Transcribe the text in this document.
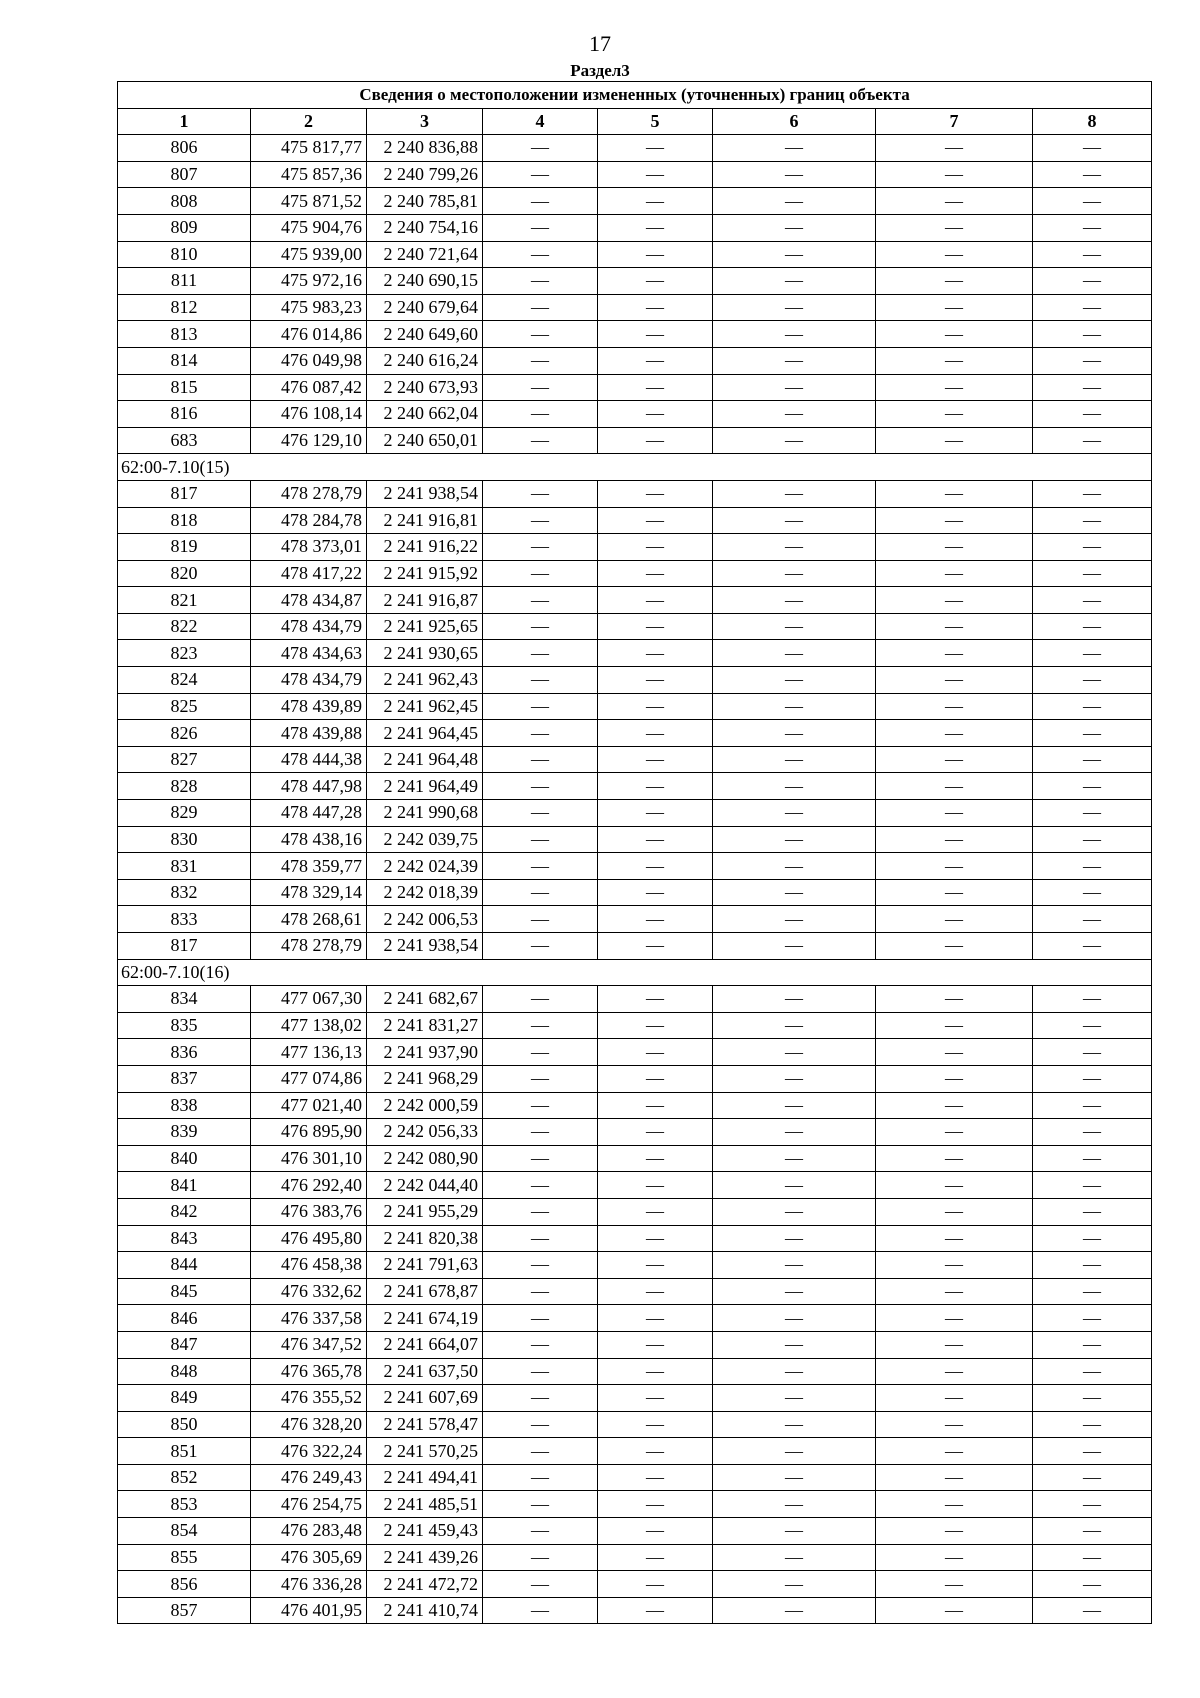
17
Раздел3
Сведения о местоположении измененных (уточненных) границ объекта							
1	2	3	4	5	6	7	8
806	475 817,77	2 240 836,88	—	—	—	—	—
807	475 857,36	2 240 799,26	—	—	—	—	—
808	475 871,52	2 240 785,81	—	—	—	—	—
809	475 904,76	2 240 754,16	—	—	—	—	—
810	475 939,00	2 240 721,64	—	—	—	—	—
811	475 972,16	2 240 690,15	—	—	—	—	—
812	475 983,23	2 240 679,64	—	—	—	—	—
813	476 014,86	2 240 649,60	—	—	—	—	—
814	476 049,98	2 240 616,24	—	—	—	—	—
815	476 087,42	2 240 673,93	—	—	—	—	—
816	476 108,14	2 240 662,04	—	—	—	—	—
683	476 129,10	2 240 650,01	—	—	—	—	—
62:00-7.10(15)							
817	478 278,79	2 241 938,54	—	—	—	—	—
818	478 284,78	2 241 916,81	—	—	—	—	—
819	478 373,01	2 241 916,22	—	—	—	—	—
820	478 417,22	2 241 915,92	—	—	—	—	—
821	478 434,87	2 241 916,87	—	—	—	—	—
822	478 434,79	2 241 925,65	—	—	—	—	—
823	478 434,63	2 241 930,65	—	—	—	—	—
824	478 434,79	2 241 962,43	—	—	—	—	—
825	478 439,89	2 241 962,45	—	—	—	—	—
826	478 439,88	2 241 964,45	—	—	—	—	—
827	478 444,38	2 241 964,48	—	—	—	—	—
828	478 447,98	2 241 964,49	—	—	—	—	—
829	478 447,28	2 241 990,68	—	—	—	—	—
830	478 438,16	2 242 039,75	—	—	—	—	—
831	478 359,77	2 242 024,39	—	—	—	—	—
832	478 329,14	2 242 018,39	—	—	—	—	—
833	478 268,61	2 242 006,53	—	—	—	—	—
817	478 278,79	2 241 938,54	—	—	—	—	—
62:00-7.10(16)							
834	477 067,30	2 241 682,67	—	—	—	—	—
835	477 138,02	2 241 831,27	—	—	—	—	—
836	477 136,13	2 241 937,90	—	—	—	—	—
837	477 074,86	2 241 968,29	—	—	—	—	—
838	477 021,40	2 242 000,59	—	—	—	—	—
839	476 895,90	2 242 056,33	—	—	—	—	—
840	476 301,10	2 242 080,90	—	—	—	—	—
841	476 292,40	2 242 044,40	—	—	—	—	—
842	476 383,76	2 241 955,29	—	—	—	—	—
843	476 495,80	2 241 820,38	—	—	—	—	—
844	476 458,38	2 241 791,63	—	—	—	—	—
845	476 332,62	2 241 678,87	—	—	—	—	—
846	476 337,58	2 241 674,19	—	—	—	—	—
847	476 347,52	2 241 664,07	—	—	—	—	—
848	476 365,78	2 241 637,50	—	—	—	—	—
849	476 355,52	2 241 607,69	—	—	—	—	—
850	476 328,20	2 241 578,47	—	—	—	—	—
851	476 322,24	2 241 570,25	—	—	—	—	—
852	476 249,43	2 241 494,41	—	—	—	—	—
853	476 254,75	2 241 485,51	—	—	—	—	—
854	476 283,48	2 241 459,43	—	—	—	—	—
855	476 305,69	2 241 439,26	—	—	—	—	—
856	476 336,28	2 241 472,72	—	—	—	—	—
857	476 401,95	2 241 410,74	—	—	—	—	—
